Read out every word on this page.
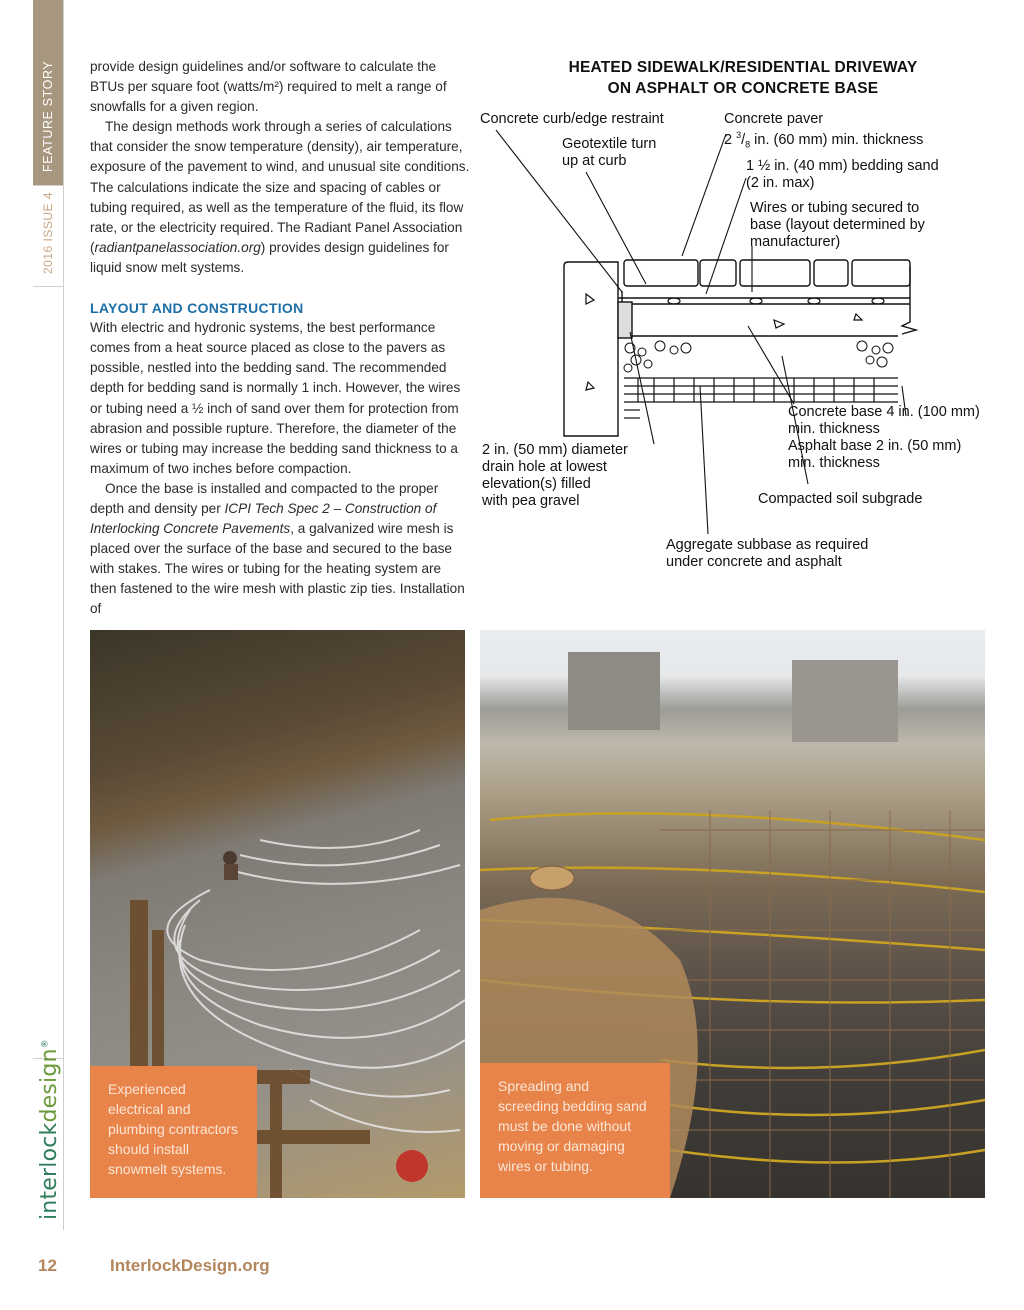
FEATURE STORY
2016 ISSUE 4
interlockdesign®

provide design guidelines and/or software to calculate the BTUs per square foot (watts/m²) required to melt a range of snowfalls for a given region.

The design methods work through a series of calculations that consider the snow temperature (density), air temperature, exposure of the pavement to wind, and unusual site conditions. The calculations indicate the size and spacing of cables or tubing required, as well as the temperature of the fluid, its flow rate, or the electricity required. The Radiant Panel Association (radiantpanelassociation.org) provides design guidelines for liquid snow melt systems.

LAYOUT AND CONSTRUCTION

With electric and hydronic systems, the best performance comes from a heat source placed as close to the pavers as possible, nestled into the bedding sand. The recommended depth for bedding sand is normally 1 inch. However, the wires or tubing need a ½ inch of sand over them for protection from abrasion and possible rupture. Therefore, the diameter of the wires or tubing may increase the bedding sand thickness to a maximum of two inches before compaction.

Once the base is installed and compacted to the proper depth and density per ICPI Tech Spec 2 – Construction of Interlocking Concrete Pavements, a galvanized wire mesh is placed over the surface of the base and secured to the base with stakes. The wires or tubing for the heating system are then fastened to the wire mesh with plastic zip ties. Installation of

HEATED SIDEWALK/RESIDENTIAL DRIVEWAY
ON ASPHALT OR CONCRETE BASE
Concrete curb/edge restraint
Geotextile turn
up at curb
Concrete paver
2 $^3/_8$ in. (60 mm) min. thickness
1 ½ in. (40 mm) bedding sand
(2 in. max)
Wires or tubing secured to
base (layout determined by
manufacturer)
Concrete base 4 in. (100 mm)
min. thickness
Asphalt base 2 in. (50 mm)
min. thickness
2 in. (50 mm) diameter
drain hole at lowest
elevation(s) filled
with pea gravel	Compacted soil subgrade
Aggregate subbase as required
under concrete and asphalt
Experienced electrical and plumbing contractors should install snowmelt systems.
Spreading and screeding bedding sand must be done without moving or damaging wires or tubing.
12	InterlockDesign.org
